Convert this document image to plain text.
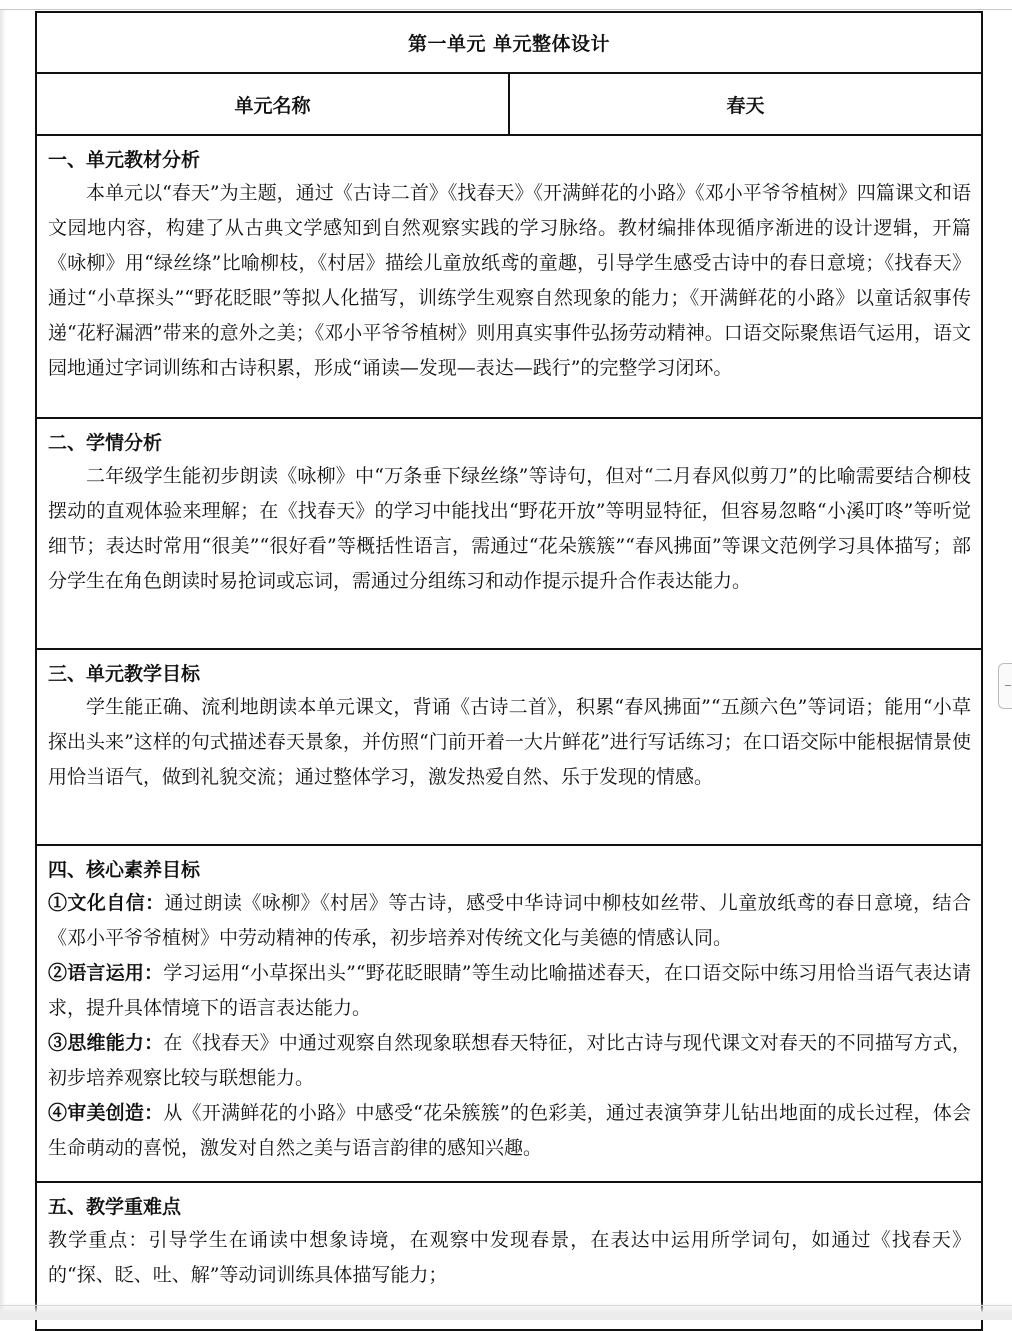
第一单元 单元整体设计
单元名称	春天

一、单元教材分析

本单元以“春天”为主题，通过《古诗二首》《找春天》《开满鲜花的小路》《邓小平爷爷植树》四篇课文和语文园地内容，构建了从古典文学感知到自然观察实践的学习脉络。教材编排体现循序渐进的设计逻辑，开篇《咏柳》用“绿丝绦”比喻柳枝，《村居》描绘儿童放纸鸢的童趣，引导学生感受古诗中的春日意境；《找春天》通过“小草探头”“野花眨眼”等拟人化描写，训练学生观察自然现象的能力；《开满鲜花的小路》以童话叙事传递“花籽漏洒”带来的意外之美；《邓小平爷爷植树》则用真实事件弘扬劳动精神。口语交际聚焦语气运用，语文园地通过字词训练和古诗积累，形成“诵读—发现—表达—践行”的完整学习闭环。

二、学情分析

二年级学生能初步朗读《咏柳》中“万条垂下绿丝绦”等诗句，但对“二月春风似剪刀”的比喻需要结合柳枝摆动的直观体验来理解；在《找春天》的学习中能找出“野花开放”等明显特征，但容易忽略“小溪叮咚”等听觉细节；表达时常用“很美”“很好看”等概括性语言，需通过“花朵簇簇”“春风拂面”等课文范例学习具体描写；部分学生在角色朗读时易抢词或忘词，需通过分组练习和动作提示提升合作表达能力。

三、单元教学目标

学生能正确、流利地朗读本单元课文，背诵《古诗二首》，积累“春风拂面”“五颜六色”等词语；能用“小草探出头来”这样的句式描述春天景象，并仿照“门前开着一大片鲜花”进行写话练习；在口语交际中能根据情景使用恰当语气，做到礼貌交流；通过整体学习，激发热爱自然、乐于发现的情感。

四、核心素养目标

①文化自信：通过朗读《咏柳》《村居》等古诗，感受中华诗词中柳枝如丝带、儿童放纸鸢的春日意境，结合《邓小平爷爷植树》中劳动精神的传承，初步培养对传统文化与美德的情感认同。

②语言运用：学习运用“小草探出头”“野花眨眼睛”等生动比喻描述春天，在口语交际中练习用恰当语气表达请求，提升具体情境下的语言表达能力。

③思维能力：在《找春天》中通过观察自然现象联想春天特征，对比古诗与现代课文对春天的不同描写方式，初步培养观察比较与联想能力。

④审美创造：从《开满鲜花的小路》中感受“花朵簇簇”的色彩美，通过表演笋芽儿钻出地面的成长过程，体会生命萌动的喜悦，激发对自然之美与语言韵律的感知兴趣。

五、教学重难点

教学重点：引导学生在诵读中想象诗境，在观察中发现春景，在表达中运用所学词句，如通过《找春天》的“探、眨、吐、解”等动词训练具体描写能力；
